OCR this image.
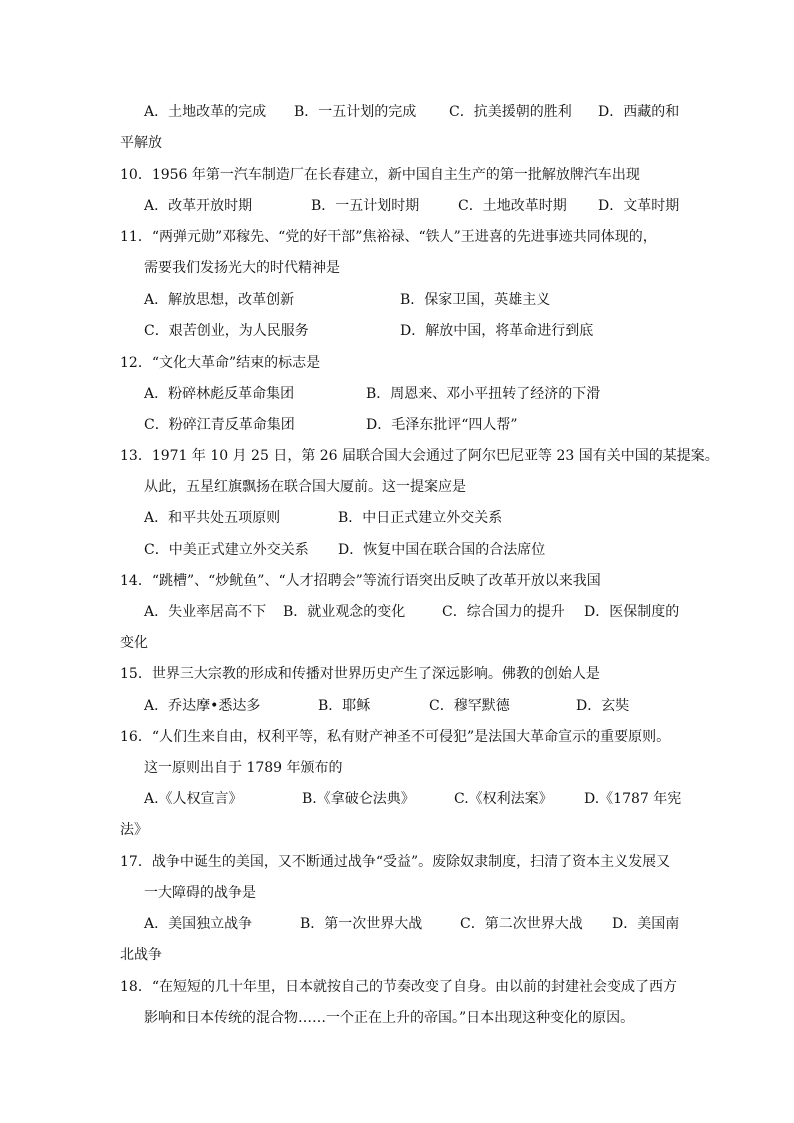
A．土地改革的完成 B．一五计划的完成 C．抗美援朝的胜利 D．西藏的和
平解放
10．1956 年第一汽车制造厂在长春建立，新中国自主生产的第一批解放牌汽车出现
A．改革开放时期	B．一五计划时期	C．土地改革时期 D．文革时期
11．“两弹元勋”邓稼先、“党的好干部”焦裕禄、“铁人”王进喜的先进事迹共同体现的，
需要我们发扬光大的时代精神是
A．解放思想，改革创新	B．保家卫国，英雄主义
C．艰苦创业，为人民服务	D．解放中国，将革命进行到底
12．“文化大革命”结束的标志是
A．粉碎林彪反革命集团	B．周恩来、邓小平扭转了经济的下滑
C．粉碎江青反革命集团	D．毛泽东批评“四人帮”
13．1971 年 10 月 25 日，第 26 届联合国大会通过了阿尔巴尼亚等 23 国有关中国的某提案。
从此，五星红旗飘扬在联合国大厦前。这一提案应是
A．和平共处五项原则	B．中日正式建立外交关系
C．中美正式建立外交关系 D．恢复中国在联合国的合法席位
14．“跳槽”、“炒鱿鱼”、“人才招聘会”等流行语突出反映了改革开放以来我国
A．失业率居高不下 B．就业观念的变化	C．综合国力的提升 D．医保制度的
变化
15．世界三大宗教的形成和传播对世界历史产生了深远影响。佛教的创始人是
A．乔达摩•悉达多	B．耶稣	C．穆罕默德	D．玄奘
16．“人们生来自由，权利平等，私有财产神圣不可侵犯”是法国大革命宣示的重要原则。
这一原则出自于 1789 年颁布的
A.《人权宣言》	B.《拿破仑法典》	C.《权利法案》 D.《1787 年宪
法》
17．战争中诞生的美国，又不断通过战争“受益”。废除奴隶制度，扫清了资本主义发展又
一大障碍的战争是
A．美国独立战争	B．第一次世界大战	C．第二次世界大战 D．美国南
北战争
18．“在短短的几十年里，日本就按自己的节奏改变了自身。由以前的封建社会变成了西方
影响和日本传统的混合物……一个正在上升的帝国。”日本出现这种变化的原因。
